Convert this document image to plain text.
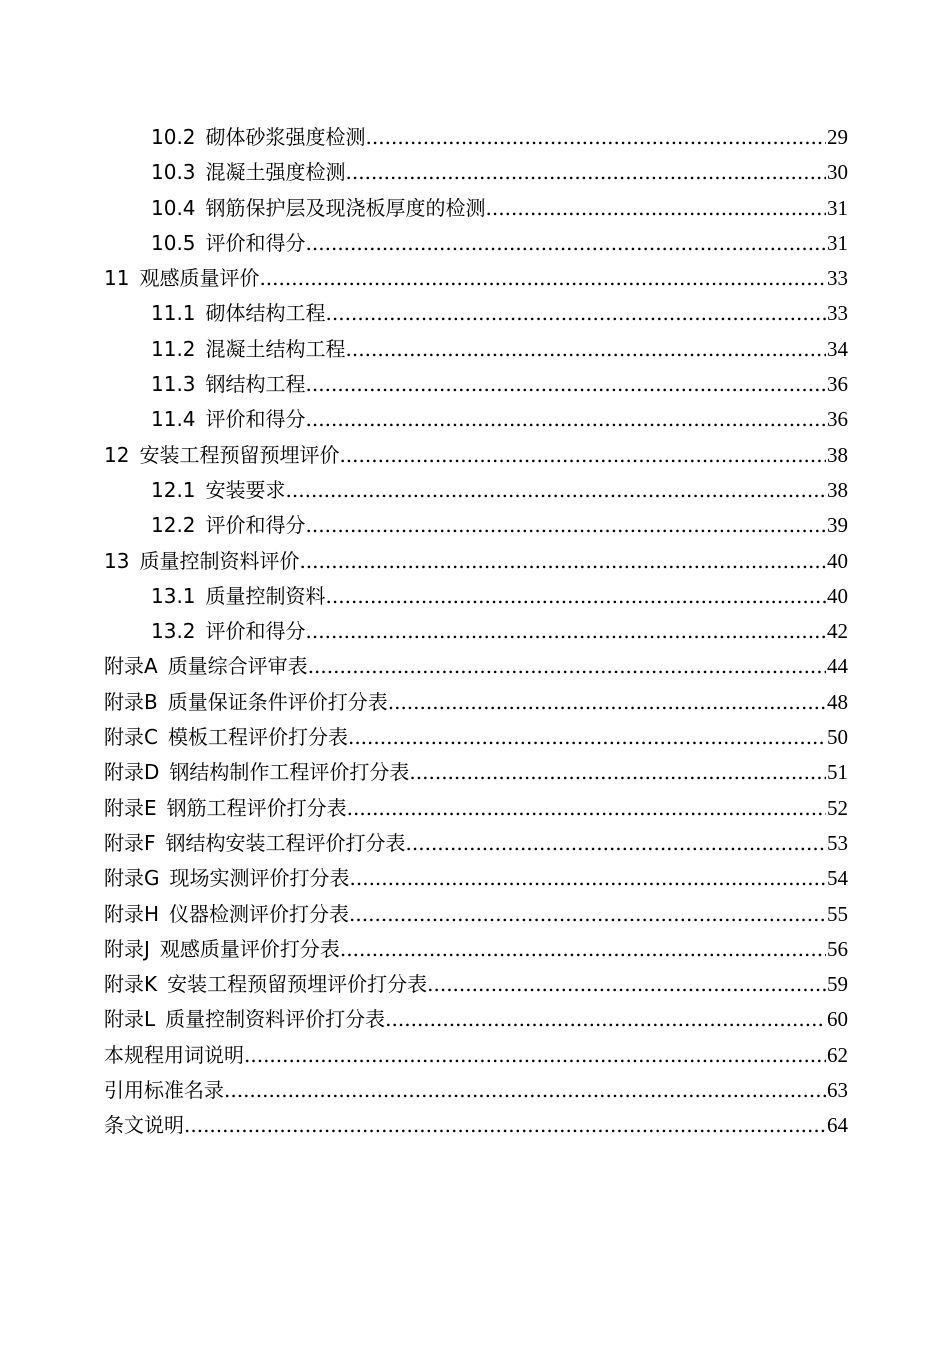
10.2 砌体砂浆强度检测 .....	29
10.3 混凝土强度检测 .....	30
10.4 钢筋保护层及现浇板厚度的检测 .....	31
10.5 评价和得分 .....	31
11 观感质量评价 .....	33
11.1 砌体结构工程 .....	33
11.2 混凝土结构工程 .....	34
11.3 钢结构工程 .....	36
11.4 评价和得分 .....	36
12 安装工程预留预埋评价 .....	38
12.1 安装要求 .....	38
12.2 评价和得分 .....	39
13 质量控制资料评价 .....	40
13.1 质量控制资料 .....	40
13.2 评价和得分 .....	42
附录A 质量综合评审表 .....	44
附录B 质量保证条件评价打分表 .....	48
附录C 模板工程评价打分表 .....	50
附录D 钢结构制作工程评价打分表 .....	51
附录E 钢筋工程评价打分表 .....	52
附录F 钢结构安装工程评价打分表 .....	53
附录G 现场实测评价打分表 .....	54
附录H 仪器检测评价打分表 .....	55
附录J 观感质量评价打分表 .....	56
附录K 安装工程预留预埋评价打分表 .....	59
附录L 质量控制资料评价打分表 .....	60
本规程用词说明 .....	62
引用标准名录 .....	63
条文说明 .....	64
